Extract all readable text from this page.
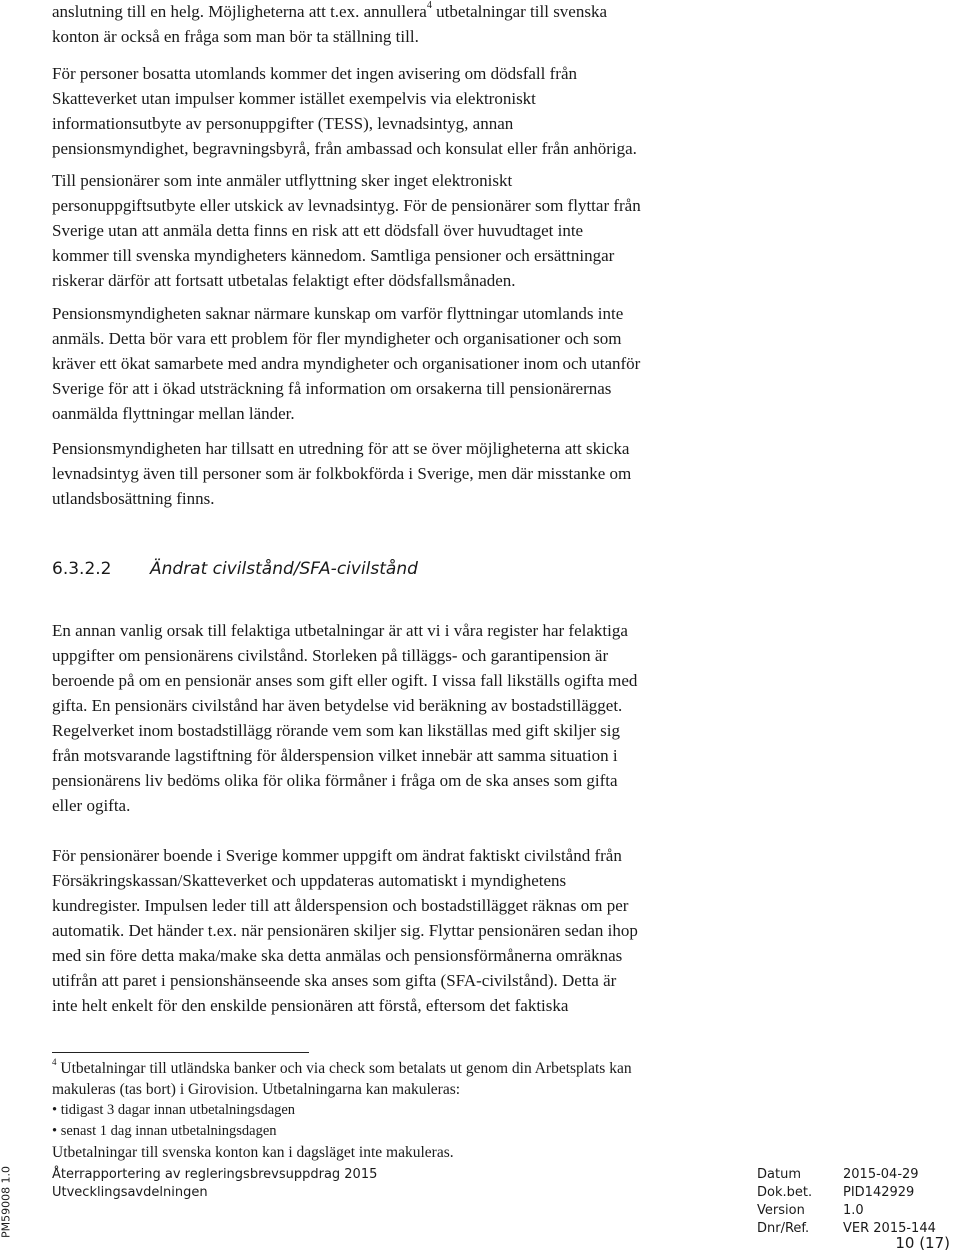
anslutning till en helg. Möjligheterna att t.ex. annullera$^4$ utbetalningar till svenska
konton är också en fråga som man bör ta ställning till.
För personer bosatta utomlands kommer det ingen avisering om dödsfall från
Skatteverket utan impulser kommer istället exempelvis via elektroniskt
informationsutbyte av personuppgifter (TESS), levnadsintyg, annan
pensionsmyndighet, begravningsbyrå, från ambassad och konsulat eller från anhöriga.
Till pensionärer som inte anmäler utflyttning sker inget elektroniskt
personuppgiftsutbyte eller utskick av levnadsintyg. För de pensionärer som flyttar från
Sverige utan att anmäla detta finns en risk att ett dödsfall över huvudtaget inte
kommer till svenska myndigheters kännedom. Samtliga pensioner och ersättningar
riskerar därför att fortsatt utbetalas felaktigt efter dödsfallsmånaden.
Pensionsmyndigheten saknar närmare kunskap om varför flyttningar utomlands inte
anmäls. Detta bör vara ett problem för fler myndigheter och organisationer och som
kräver ett ökat samarbete med andra myndigheter och organisationer inom och utanför
Sverige för att i ökad utsträckning få information om orsakerna till pensionärernas
oanmälda flyttningar mellan länder.
Pensionsmyndigheten har tillsatt en utredning för att se över möjligheterna att skicka
levnadsintyg även till personer som är folkbokförda i Sverige, men där misstanke om
utlandsbosättning finns.
6.3.2.2 Ändrat civilstånd/SFA-civilstånd
En annan vanlig orsak till felaktiga utbetalningar är att vi i våra register har felaktiga
uppgifter om pensionärens civilstånd. Storleken på tilläggs- och garantipension är
beroende på om en pensionär anses som gift eller ogift. I vissa fall likställs ogifta med
gifta. En pensionärs civilstånd har även betydelse vid beräkning av bostadstillägget.
Regelverket inom bostadstillägg rörande vem som kan likställas med gift skiljer sig
från motsvarande lagstiftning för ålderspension vilket innebär att samma situation i
pensionärens liv bedöms olika för olika förmåner i fråga om de ska anses som gifta
eller ogifta.
För pensionärer boende i Sverige kommer uppgift om ändrat faktiskt civilstånd från
Försäkringskassan/Skatteverket och uppdateras automatiskt i myndighetens
kundregister. Impulsen leder till att ålderspension och bostadstillägget räknas om per
automatik. Det händer t.ex. när pensionären skiljer sig. Flyttar pensionären sedan ihop
med sin före detta maka/make ska detta anmälas och pensionsförmånerna omräknas
utifrån att paret i pensionshänseende ska anses som gifta (SFA-civilstånd). Detta är
inte helt enkelt för den enskilde pensionären att förstå, eftersom det faktiska
$^4$ Utbetalningar till utländska banker och via check som betalats ut genom din Arbetsplats kan
makuleras (tas bort) i Girovision. Utbetalningarna kan makuleras:
• tidigast 3 dagar innan utbetalningsdagen
• senast 1 dag innan utbetalningsdagen
Utbetalningar till svenska konton kan i dagsläget inte makuleras.
PM59008 1.0	Återrapportering av regleringsbrevsuppdrag 2015
Utvecklingsavdelningen
Datum
Dok.bet.
Version
Dnr/Ref.
2015-04-29
PID142929
1.0
VER 2015-144
10 (17)
